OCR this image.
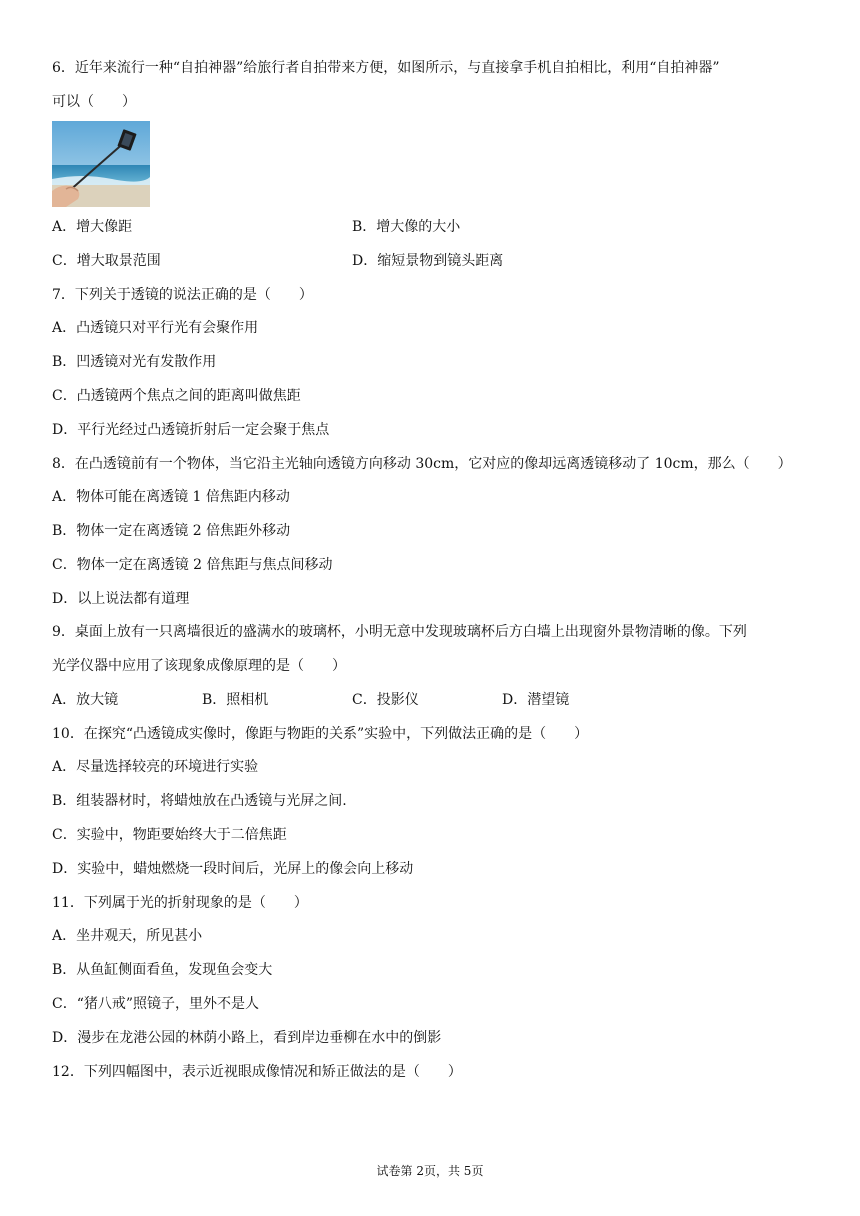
6．近年来流行一种“自拍神器”给旅行者自拍带来方便，如图所示，与直接拿手机自拍相比，利用“自拍神器”
可以（　　）
A．增大像距	B．增大像的大小
C．增大取景范围	D．缩短景物到镜头距离
7．下列关于透镜的说法正确的是（　　）
A．凸透镜只对平行光有会聚作用
B．凹透镜对光有发散作用
C．凸透镜两个焦点之间的距离叫做焦距
D．平行光经过凸透镜折射后一定会聚于焦点
8．在凸透镜前有一个物体，当它沿主光轴向透镜方向移动 30cm，它对应的像却远离透镜移动了 10cm，那么（　　）
A．物体可能在离透镜 1 倍焦距内移动
B．物体一定在离透镜 2 倍焦距外移动
C．物体一定在离透镜 2 倍焦距与焦点间移动
D．以上说法都有道理
9．桌面上放有一只离墙很近的盛满水的玻璃杯，小明无意中发现玻璃杯后方白墙上出现窗外景物清晰的像。下列
光学仪器中应用了该现象成像原理的是（　　）
A．放大镜	B．照相机	C．投影仪	D．潜望镜
10．在探究“凸透镜成实像时，像距与物距的关系”实验中，下列做法正确的是（　　）
A．尽量选择较亮的环境进行实验
B．组装器材时，将蜡烛放在凸透镜与光屏之间.
C．实验中，物距要始终大于二倍焦距
D．实验中，蜡烛燃烧一段时间后，光屏上的像会向上移动
11．下列属于光的折射现象的是（　　）
A．坐井观天，所见甚小
B．从鱼缸侧面看鱼，发现鱼会变大
C．“猪八戒”照镜子，里外不是人
D．漫步在龙港公园的林荫小路上，看到岸边垂柳在水中的倒影
12．下列四幅图中，表示近视眼成像情况和矫正做法的是（　　）
试卷第 2页，共 5页
